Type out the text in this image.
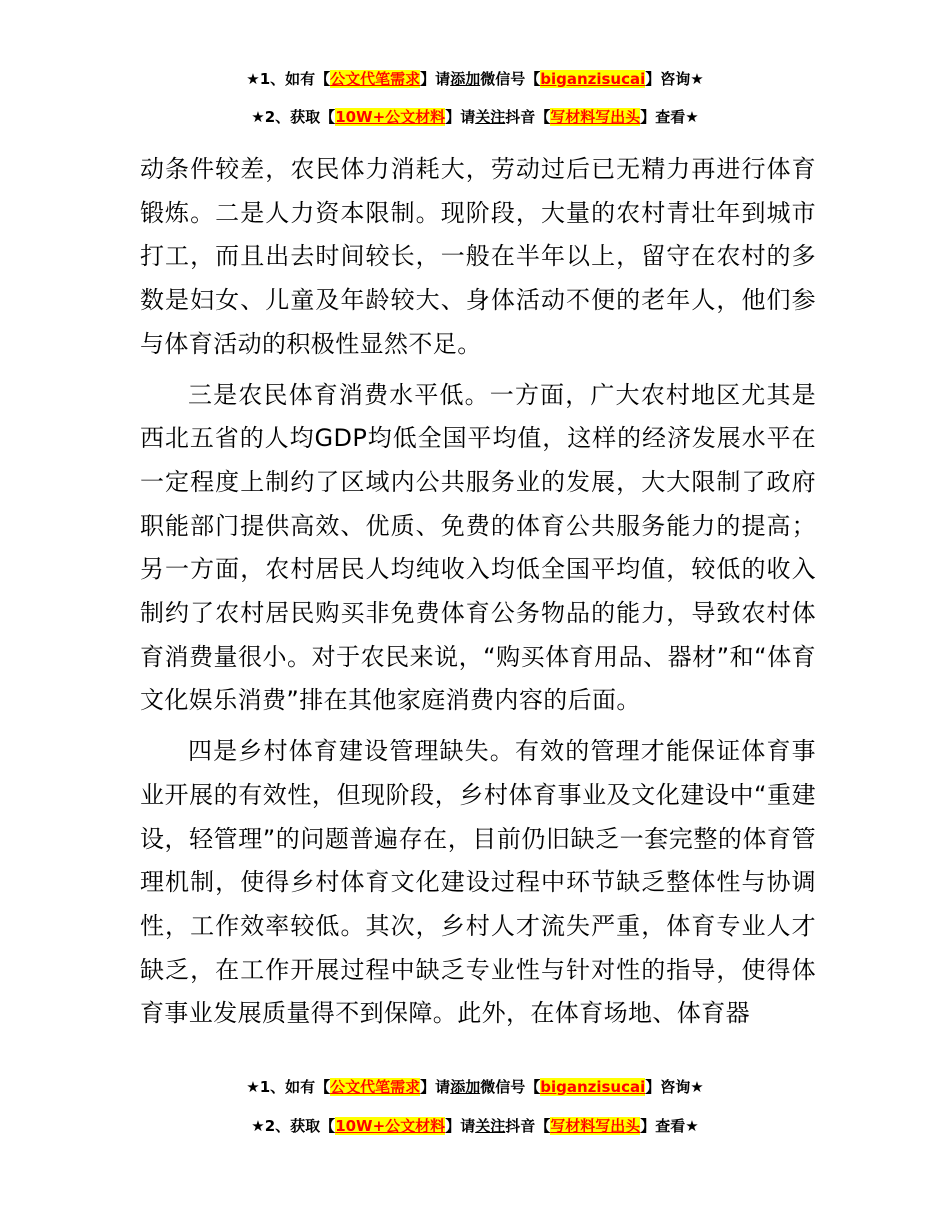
★1、如有【公文代笔需求】请添加微信号【biganzisucai】咨询★
★2、获取【10W+公文材料】请关注抖音【写材料写出头】查看★

动条件较差，农民体力消耗大，劳动过后已无精力再进行体育锻炼。二是人力资本限制。现阶段，大量的农村青壮年到城市打工，而且出去时间较长，一般在半年以上，留守在农村的多数是妇女、儿童及年龄较大、身体活动不便的老年人，他们参与体育活动的积极性显然不足。

三是农民体育消费水平低。一方面，广大农村地区尤其是西北五省的人均GDP均低全国平均值，这样的经济发展水平在一定程度上制约了区域内公共服务业的发展，大大限制了政府职能部门提供高效、优质、免费的体育公共服务能力的提高；另一方面，农村居民人均纯收入均低全国平均值，较低的收入制约了农村居民购买非免费体育公务物品的能力，导致农村体育消费量很小。对于农民来说，“购买体育用品、器材”和“体育文化娱乐消费”排在其他家庭消费内容的后面。

四是乡村体育建设管理缺失。有效的管理才能保证体育事业开展的有效性，但现阶段，乡村体育事业及文化建设中“重建设，轻管理”的问题普遍存在，目前仍旧缺乏一套完整的体育管理机制，使得乡村体育文化建设过程中环节缺乏整体性与协调性，工作效率较低。其次，乡村人才流失严重，体育专业人才缺乏，在工作开展过程中缺乏专业性与针对性的指导，使得体育事业发展质量得不到保障。此外，在体育场地、体育器

★1、如有【公文代笔需求】请添加微信号【biganzisucai】咨询★
★2、获取【10W+公文材料】请关注抖音【写材料写出头】查看★
